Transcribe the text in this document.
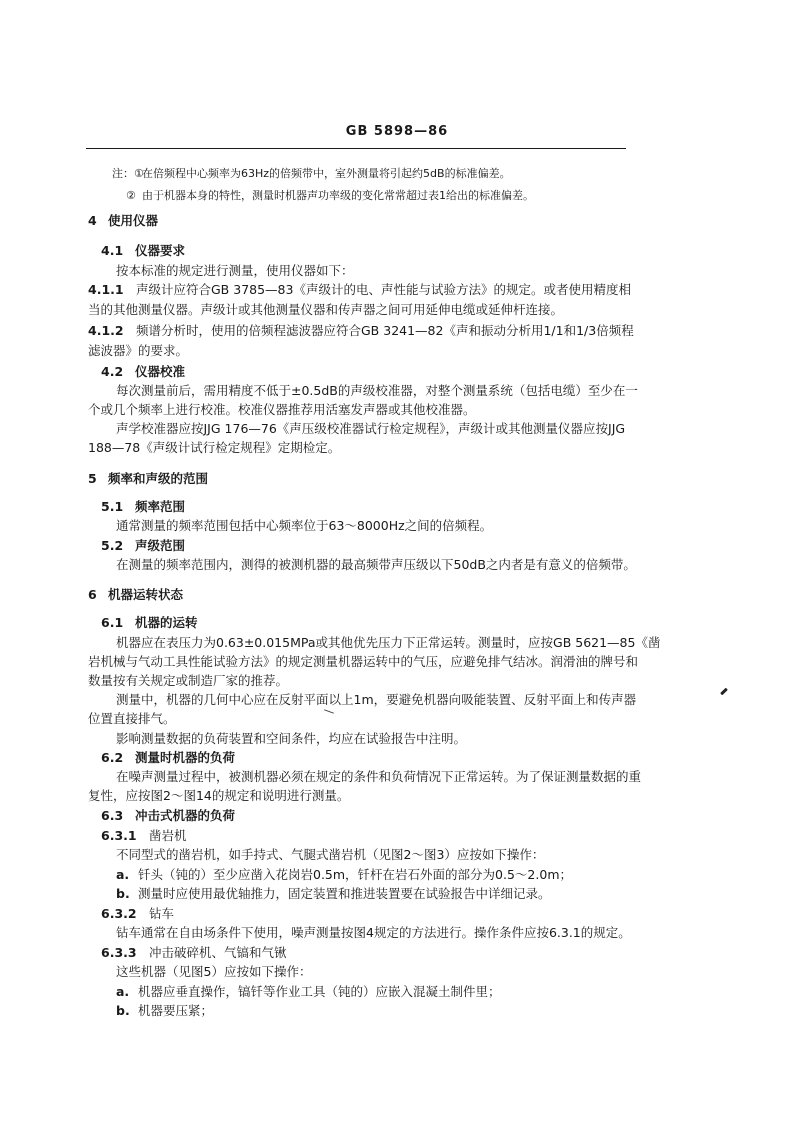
GB 5898—86
注：①在倍频程中心频率为63Hz的倍频带中，室外测量将引起约5dB的标准偏差。
② 由于机器本身的特性，测量时机器声功率级的变化常常超过表1给出的标准偏差。
4 使用仪器
4.1 仪器要求
按本标准的规定进行测量，使用仪器如下：
4.1.1 声级计应符合GB 3785—83《声级计的电、声性能与试验方法》的规定。或者使用精度相
当的其他测量仪器。声级计或其他测量仪器和传声器之间可用延伸电缆或延伸杆连接。
4.1.2 频谱分析时，使用的倍频程滤波器应符合GB 3241—82《声和振动分析用1/1和1/3倍频程
滤波器》的要求。
4.2 仪器校准
每次测量前后，需用精度不低于±0.5dB的声级校准器，对整个测量系统（包括电缆）至少在一
个或几个频率上进行校准。校准仪器推荐用活塞发声器或其他校准器。
声学校准器应按JJG 176—76《声压级校准器试行检定规程》，声级计或其他测量仪器应按JJG
188—78《声级计试行检定规程》定期检定。
5 频率和声级的范围
5.1 频率范围
通常测量的频率范围包括中心频率位于63～8000Hz之间的倍频程。
5.2 声级范围
在测量的频率范围内，测得的被测机器的最高频带声压级以下50dB之内者是有意义的倍频带。
6 机器运转状态
6.1 机器的运转
机器应在表压力为0.63±0.015MPa或其他优先压力下正常运转。测量时，应按GB 5621—85《凿
岩机械与气动工具性能试验方法》的规定测量机器运转中的气压，应避免排气结冰。润滑油的牌号和
数量按有关规定或制造厂家的推荐。
测量中，机器的几何中心应在反射平面以上1m，要避免机器向吸能装置、反射平面上和传声器
位置直接排气。
影响测量数据的负荷装置和空间条件，均应在试验报告中注明。
6.2 测量时机器的负荷
在噪声测量过程中，被测机器必须在规定的条件和负荷情况下正常运转。为了保证测量数据的重
复性，应按图2～图14的规定和说明进行测量。
6.3 冲击式机器的负荷
6.3.1 凿岩机
不同型式的凿岩机，如手持式、气腿式凿岩机（见图2～图3）应按如下操作：
a. 钎头（钝的）至少应凿入花岗岩0.5m，钎杆在岩石外面的部分为0.5～2.0m；
b. 测量时应使用最优轴推力，固定装置和推进装置要在试验报告中详细记录。
6.3.2 钻车
钻车通常在自由场条件下使用，噪声测量按图4规定的方法进行。操作条件应按6.3.1的规定。
6.3.3 冲击破碎机、气镐和气锹
这些机器（见图5）应按如下操作：
a. 机器应垂直操作，镐钎等作业工具（钝的）应嵌入混凝土制件里；
b. 机器要压紧；
